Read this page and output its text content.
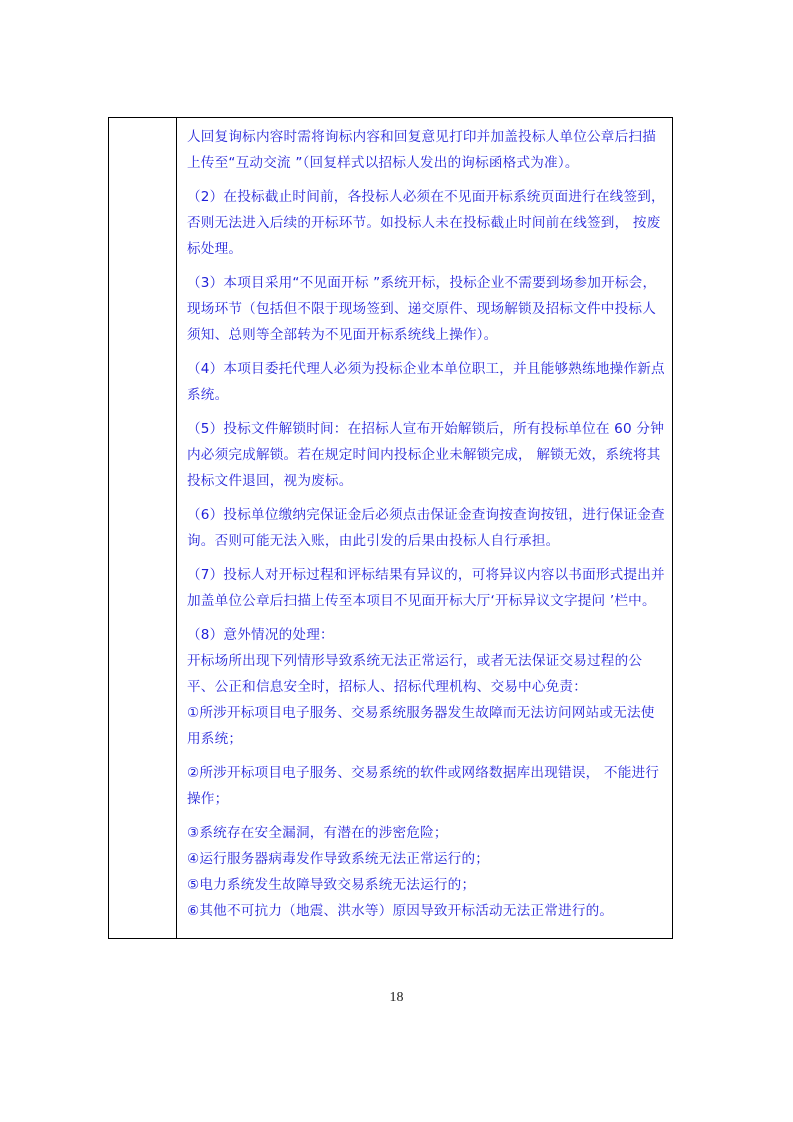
人回复询标内容时需将询标内容和回复意见打印并加盖投标人单位公章后扫描上传至“互动交流 ”（回复样式以招标人发出的询标函格式为准）。

（2）在投标截止时间前，各投标人必须在不见面开标系统页面进行在线签到，否则无法进入后续的开标环节。如投标人未在投标截止时间前在线签到， 按废标处理。

（3）本项目采用“不见面开标 ”系统开标，投标企业不需要到场参加开标会，现场环节（包括但不限于现场签到、递交原件、现场解锁及招标文件中投标人须知、总则等全部转为不见面开标系统线上操作）。

（4）本项目委托代理人必须为投标企业本单位职工，并且能够熟练地操作新点系统。

（5）投标文件解锁时间：在招标人宣布开始解锁后，所有投标单位在 60 分钟内必须完成解锁。若在规定时间内投标企业未解锁完成， 解锁无效，系统将其投标文件退回，视为废标。

（6）投标单位缴纳完保证金后必须点击保证金查询按查询按钮，进行保证金查询。否则可能无法入账，由此引发的后果由投标人自行承担。

（7）投标人对开标过程和评标结果有异议的，可将异议内容以书面形式提出并加盖单位公章后扫描上传至本项目不见面开标大厅‘开标异议文字提问 ’栏中。

（8）意外情况的处理：

开标场所出现下列情形导致系统无法正常运行，或者无法保证交易过程的公平、公正和信息安全时，招标人、招标代理机构、交易中心免责：

①所涉开标项目电子服务、交易系统服务器发生故障而无法访问网站或无法使用系统；

②所涉开标项目电子服务、交易系统的软件或网络数据库出现错误， 不能进行操作；

③系统存在安全漏洞，有潜在的涉密危险；

④运行服务器病毒发作导致系统无法正常运行的；

⑤电力系统发生故障导致交易系统无法运行的；

⑥其他不可抗力（地震、洪水等）原因导致开标活动无法正常进行的。

18
